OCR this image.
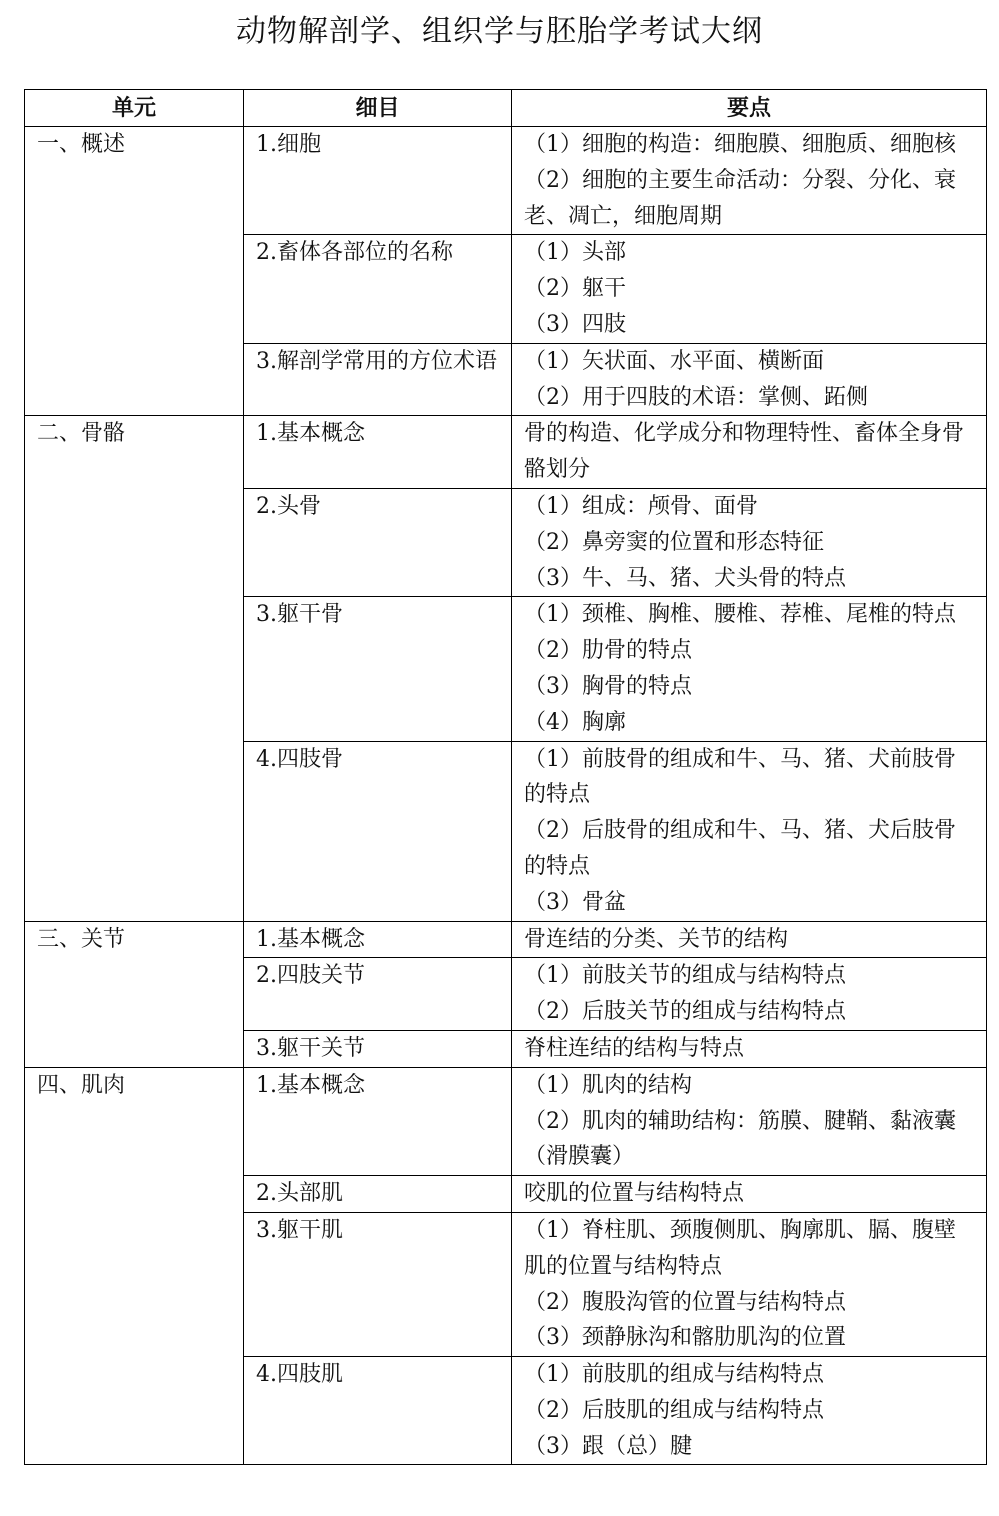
动物解剖学、组织学与胚胎学考试大纲
单元	细目	要点
一、概述	1.细胞	（1）细胞的构造：细胞膜、细胞质、细胞核
（2）细胞的主要生命活动：分裂、分化、衰老、凋亡，细胞周期

	2.畜体各部位的名称	（1）头部
（2）躯干
（3）四肢

	3.解剖学常用的方位术语	（1）矢状面、水平面、横断面
（2）用于四肢的术语：掌侧、跖侧

二、骨骼	1.基本概念	骨的构造、化学成分和物理特性、畜体全身骨骼划分

	2.头骨	（1）组成：颅骨、面骨
（2）鼻旁窦的位置和形态特征
（3）牛、马、猪、犬头骨的特点

	3.躯干骨	（1）颈椎、胸椎、腰椎、荐椎、尾椎的特点
（2）肋骨的特点
（3）胸骨的特点
（4）胸廓

	4.四肢骨	（1）前肢骨的组成和牛、马、猪、犬前肢骨的特点
（2）后肢骨的组成和牛、马、猪、犬后肢骨的特点
（3）骨盆

三、关节	1.基本概念	骨连结的分类、关节的结构

	2.四肢关节	（1）前肢关节的组成与结构特点
（2）后肢关节的组成与结构特点

	3.躯干关节	脊柱连结的结构与特点

四、肌肉	1.基本概念	（1）肌肉的结构
（2）肌肉的辅助结构：筋膜、腱鞘、黏液囊（滑膜囊）

	2.头部肌	咬肌的位置与结构特点

	3.躯干肌	（1）脊柱肌、颈腹侧肌、胸廓肌、膈、腹壁肌的位置与结构特点
（2）腹股沟管的位置与结构特点
（3）颈静脉沟和髂肋肌沟的位置

	4.四肢肌	（1）前肢肌的组成与结构特点
（2）后肢肌的组成与结构特点
（3）跟（总）腱
